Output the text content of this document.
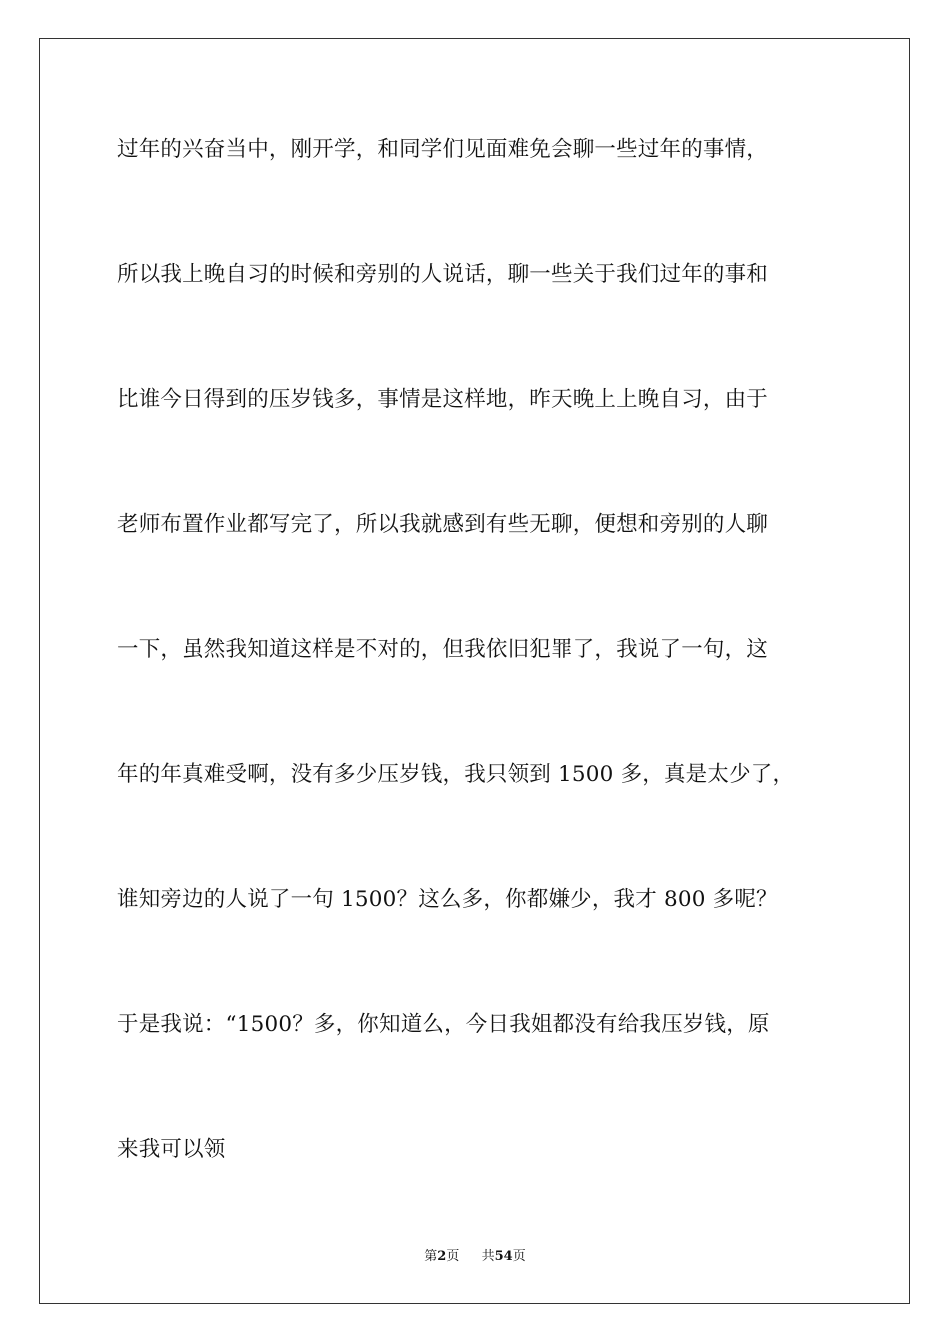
过年的兴奋当中，刚开学，和同学们见面难免会聊一些过年的事情，
所以我上晚自习的时候和旁别的人说话，聊一些关于我们过年的事和
比谁今日得到的压岁钱多，事情是这样地，昨天晚上上晚自习，由于
老师布置作业都写完了，所以我就感到有些无聊，便想和旁别的人聊
一下，虽然我知道这样是不对的，但我依旧犯罪了，我说了一句，这
年的年真难受啊，没有多少压岁钱，我只领到 1500 多，真是太少了，
谁知旁边的人说了一句 1500？这么多，你都嫌少，我才 800 多呢？
于是我说：“1500？多，你知道么，今日我姐都没有给我压岁钱，原
来我可以领
第2页 共54页
